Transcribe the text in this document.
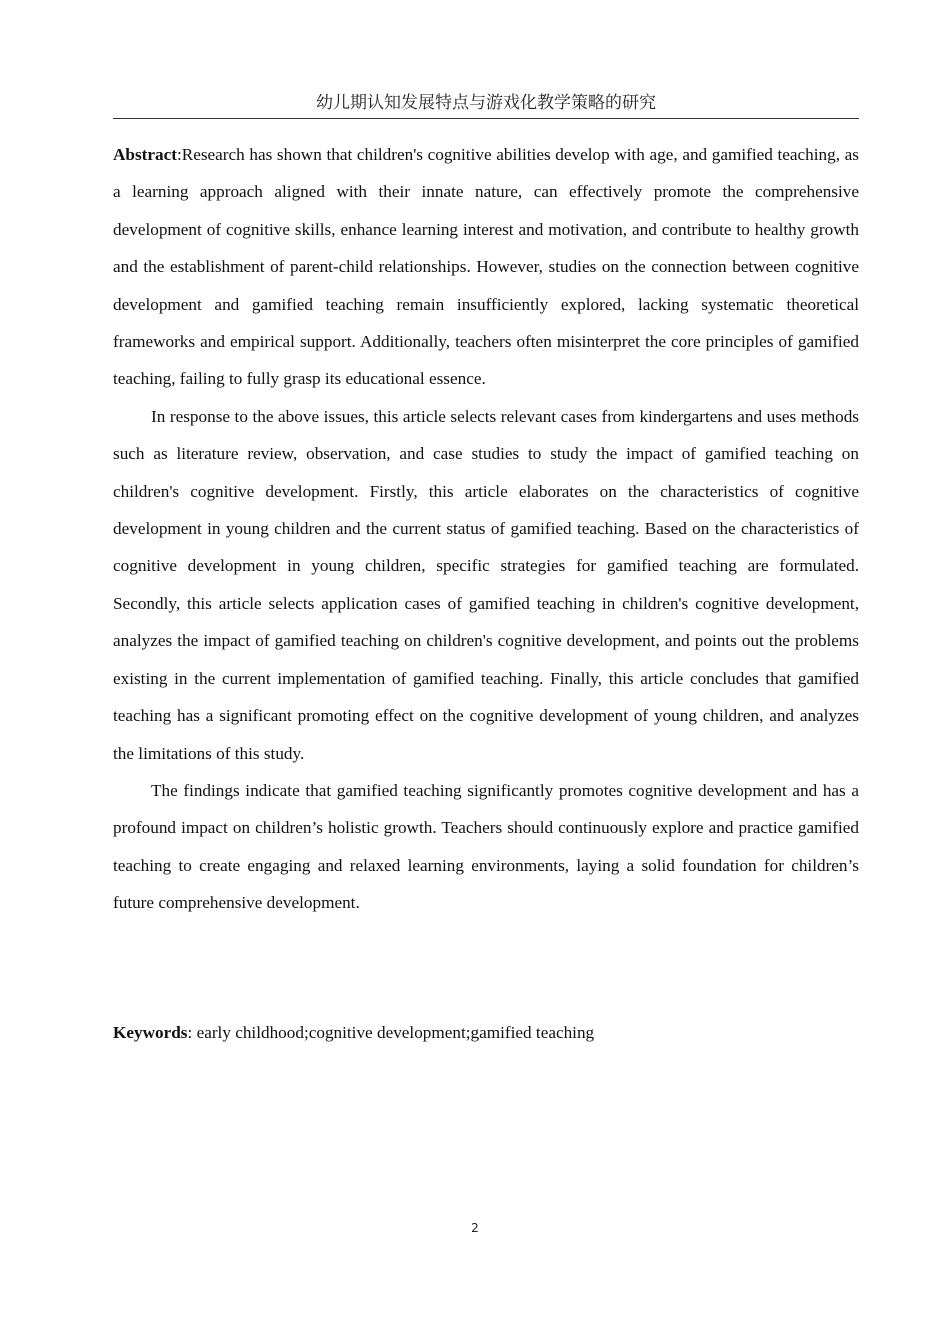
幼儿期认知发展特点与游戏化教学策略的研究

Abstract:Research has shown that children's cognitive abilities develop with age, and gamified teaching, as a learning approach aligned with their innate nature, can effectively promote the comprehensive development of cognitive skills, enhance learning interest and motivation, and contribute to healthy growth and the establishment of parent-child relationships. However, studies on the connection between cognitive development and gamified teaching remain insufficiently explored, lacking systematic theoretical frameworks and empirical support. Additionally, teachers often misinterpret the core principles of gamified teaching, failing to fully grasp its educational essence.

In response to the above issues, this article selects relevant cases from kindergartens and uses methods such as literature review, observation, and case studies to study the impact of gamified teaching on children's cognitive development. Firstly, this article elaborates on the characteristics of cognitive development in young children and the current status of gamified teaching. Based on the characteristics of cognitive development in young children, specific strategies for gamified teaching are formulated. Secondly, this article selects application cases of gamified teaching in children's cognitive development, analyzes the impact of gamified teaching on children's cognitive development, and points out the problems existing in the current implementation of gamified teaching. Finally, this article concludes that gamified teaching has a significant promoting effect on the cognitive development of young children, and analyzes the limitations of this study.

The findings indicate that gamified teaching significantly promotes cognitive development and has a profound impact on children’s holistic growth. Teachers should continuously explore and practice gamified teaching to create engaging and relaxed learning environments, laying a solid foundation for children’s future comprehensive development.

Keywords: early childhood;cognitive development;gamified teaching
2
